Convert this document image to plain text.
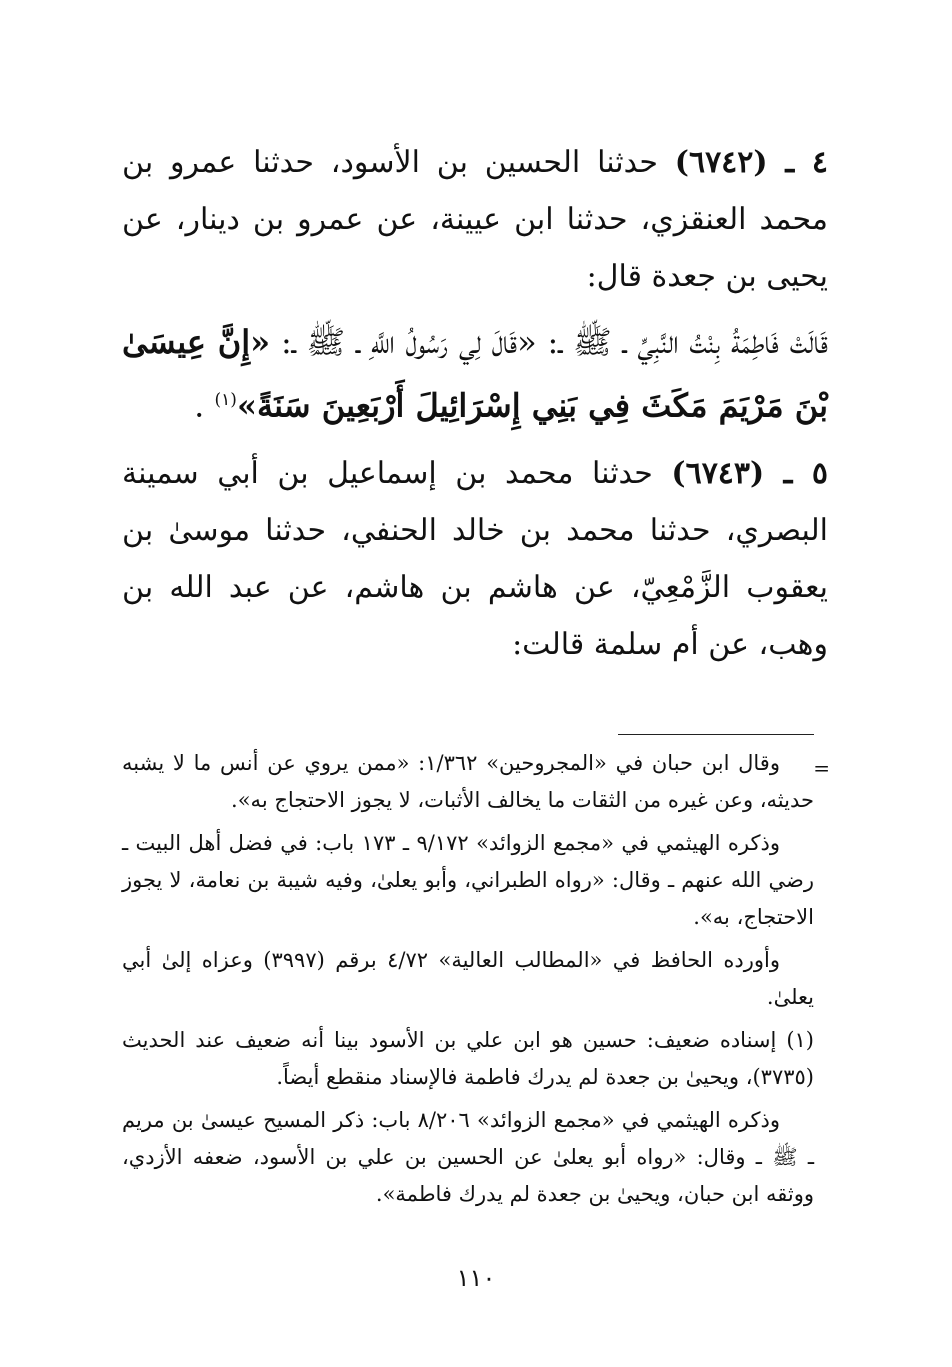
٤ ـ (٦٧٤٢) حدثنا الحسين بن الأسود، حدثنا عمرو بن محمد العنقزي، حدثنا ابن عيينة، عن عمرو بن دينار، عن يحيى بن جعدة قال:

قَالَتْ فَاطِمَةُ بِنْتُ النَّبِيِّ ـ ﷺ ـ: «قَالَ لِي رَسُولُ اللَّهِ ـ ﷺ ـ: «إِنَّ عِيسَىٰ بْنَ مَرْيَمَ مَكَثَ فِي بَنِي إِسْرَائِيلَ أَرْبَعِينَ سَنَةً»$^{(١)}$ .

٥ ـ (٦٧٤٣) حدثنا محمد بن إسماعيل بن أبي سمينة البصري، حدثنا محمد بن خالد الحنفي، حدثنا موسىٰ بن يعقوب الزَّمْعِيّ، عن هاشم بن هاشم، عن عبد الله بن وهب، عن أم سلمة قالت:

=

وقال ابن حبان في «المجروحين» ١/٣٦٢: «ممن يروي عن أنس ما لا يشبه حديثه، وعن غيره من الثقات ما يخالف الأثبات، لا يجوز الاحتجاج به».

وذكره الهيثمي في «مجمع الزوائد» ٩/١٧٢ ـ ١٧٣ باب: في فضل أهل البيت ـ رضي الله عنهم ـ وقال: «رواه الطبراني، وأبو يعلىٰ، وفيه شيبة بن نعامة، لا يجوز الاحتجاج، به».

وأورده الحافظ في «المطالب العالية» ٤/٧٢ برقم (٣٩٩٧) وعزاه إلىٰ أبي يعلىٰ.

(١) إسناده ضعيف: حسين هو ابن علي بن الأسود بينا أنه ضعيف عند الحديث (٣٧٣٥)، ويحيىٰ بن جعدة لم يدرك فاطمة فالإسناد منقطع أيضاً.

وذكره الهيثمي في «مجمع الزوائد» ٨/٢٠٦ باب: ذكر المسيح عيسىٰ بن مريم ـ ﷺ ـ وقال: «رواه أبو يعلىٰ عن الحسين بن علي بن الأسود، ضعفه الأزدي، ووثقه ابن حبان، ويحيىٰ بن جعدة لم يدرك فاطمة».

١١٠
